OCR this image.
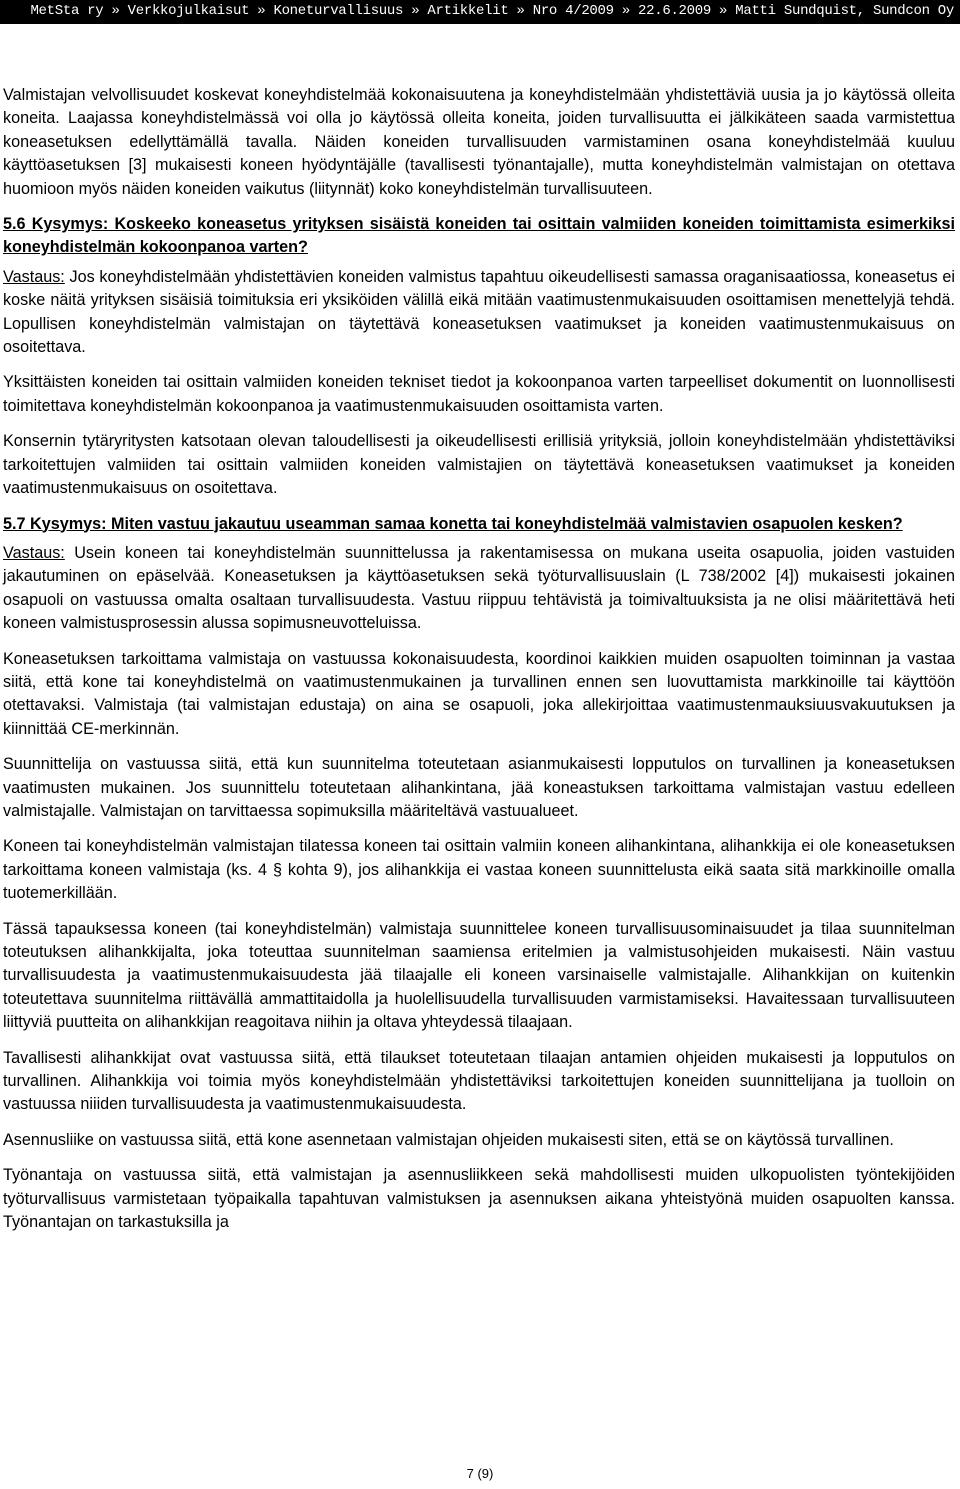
MetSta ry » Verkkojulkaisut » Koneturvallisuus » Artikkelit » Nro 4/2009 » 22.6.2009 » Matti Sundquist, Sundcon Oy

Valmistajan velvollisuudet koskevat koneyhdistelmää kokonaisuutena ja koneyhdistelmään yhdistettäviä uusia ja jo käytössä olleita koneita. Laajassa koneyhdistelmässä voi olla jo käytössä olleita koneita, joiden turvallisuutta ei jälkikäteen saada varmistettua koneasetuksen edellyttämällä tavalla. Näiden koneiden turvallisuuden varmistaminen osana koneyhdistelmää kuuluu käyttöasetuksen [3] mukaisesti koneen hyödyntäjälle (tavallisesti työnantajalle), mutta koneyhdistelmän valmistajan on otettava huomioon myös näiden koneiden vaikutus (liitynnät) koko koneyhdistelmän turvallisuuteen.

5.6 Kysymys: Koskeeko koneasetus yrityksen sisäistä koneiden tai osittain valmiiden koneiden toimittamista esimerkiksi koneyhdistelmän kokoonpanoa varten?

Vastaus: Jos koneyhdistelmään yhdistettävien koneiden valmistus tapahtuu oikeudellisesti samassa oraganisaatiossa, koneasetus ei koske näitä yrityksen sisäisiä toimituksia eri yksiköiden välillä eikä mitään vaatimustenmukaisuuden osoittamisen menettelyjä tehdä. Lopullisen koneyhdistelmän valmistajan on täytettävä koneasetuksen vaatimukset ja koneiden vaatimustenmukaisuus on osoitettava.

Yksittäisten koneiden tai osittain valmiiden koneiden tekniset tiedot ja kokoonpanoa varten tarpeelliset dokumentit on luonnollisesti toimitettava koneyhdistelmän kokoonpanoa ja vaatimustenmukaisuuden osoittamista varten.

Konsernin tytäryritysten katsotaan olevan taloudellisesti ja oikeudellisesti erillisiä yrityksiä, jolloin koneyhdistelmään yhdistettäviksi tarkoitettujen valmiiden tai osittain valmiiden koneiden valmistajien on täytettävä koneasetuksen vaatimukset ja koneiden vaatimustenmukaisuus on osoitettava.

5.7 Kysymys: Miten vastuu jakautuu useamman samaa konetta tai koneyhdistelmää valmistavien osapuolen kesken?

Vastaus: Usein koneen tai koneyhdistelmän suunnittelussa ja rakentamisessa on mukana useita osapuolia, joiden vastuiden jakautuminen on epäselvää. Koneasetuksen ja käyttöasetuksen sekä työturvallisuuslain (L 738/2002 [4]) mukaisesti jokainen osapuoli on vastuussa omalta osaltaan turvallisuudesta. Vastuu riippuu tehtävistä ja toimivaltuuksista ja ne olisi määritettävä heti koneen valmistusprosessin alussa sopimusneuvotteluissa.

Koneasetuksen tarkoittama valmistaja on vastuussa kokonaisuudesta, koordinoi kaikkien muiden osapuolten toiminnan ja vastaa siitä, että kone tai koneyhdistelmä on vaatimustenmukainen ja turvallinen ennen sen luovuttamista markkinoille tai käyttöön otettavaksi. Valmistaja (tai valmistajan edustaja) on aina se osapuoli, joka allekirjoittaa vaatimustenmauksiuusvakuutuksen ja kiinnittää CE-merkinnän.

Suunnittelija on vastuussa siitä, että kun suunnitelma toteutetaan asianmukaisesti lopputulos on turvallinen ja koneasetuksen vaatimusten mukainen. Jos suunnittelu toteutetaan alihankintana, jää koneastuksen tarkoittama valmistajan vastuu edelleen valmistajalle. Valmistajan on tarvittaessa sopimuksilla määriteltävä vastuualueet.

Koneen tai koneyhdistelmän valmistajan tilatessa koneen tai osittain valmiin koneen alihankintana, alihankkija ei ole koneasetuksen tarkoittama koneen valmistaja (ks. 4 § kohta 9), jos alihankkija ei vastaa koneen suunnittelusta eikä saata sitä markkinoille omalla tuotemerkillään.

Tässä tapauksessa koneen (tai koneyhdistelmän) valmistaja suunnittelee koneen turvallisuusominaisuudet ja tilaa suunnitelman toteutuksen alihankkijalta, joka toteuttaa suunnitelman saamiensa eritelmien ja valmistusohjeiden mukaisesti. Näin vastuu turvallisuudesta ja vaatimustenmukaisuudesta jää tilaajalle eli koneen varsinaiselle valmistajalle. Alihankkijan on kuitenkin toteutettava suunnitelma riittävällä ammattitaidolla ja huolellisuudella turvallisuuden varmistamiseksi. Havaitessaan turvallisuuteen liittyviä puutteita on alihankkijan reagoitava niihin ja oltava yhteydessä tilaajaan.

Tavallisesti alihankkijat ovat vastuussa siitä, että tilaukset toteutetaan tilaajan antamien ohjeiden mukaisesti ja lopputulos on turvallinen. Alihankkija voi toimia myös koneyhdistelmään yhdistettäviksi tarkoitettujen koneiden suunnittelijana ja tuolloin on vastuussa niiiden turvallisuudesta ja vaatimustenmukaisuudesta.

Asennusliike on vastuussa siitä, että kone asennetaan valmistajan ohjeiden mukaisesti siten, että se on käytössä turvallinen.

Työnantaja on vastuussa siitä, että valmistajan ja asennusliikkeen sekä mahdollisesti muiden ulkopuolisten työntekijöiden työturvallisuus varmistetaan työpaikalla tapahtuvan valmistuksen ja asennuksen aikana yhteistyönä muiden osapuolten kanssa. Työnantajan on tarkastuksilla ja

7 (9)
